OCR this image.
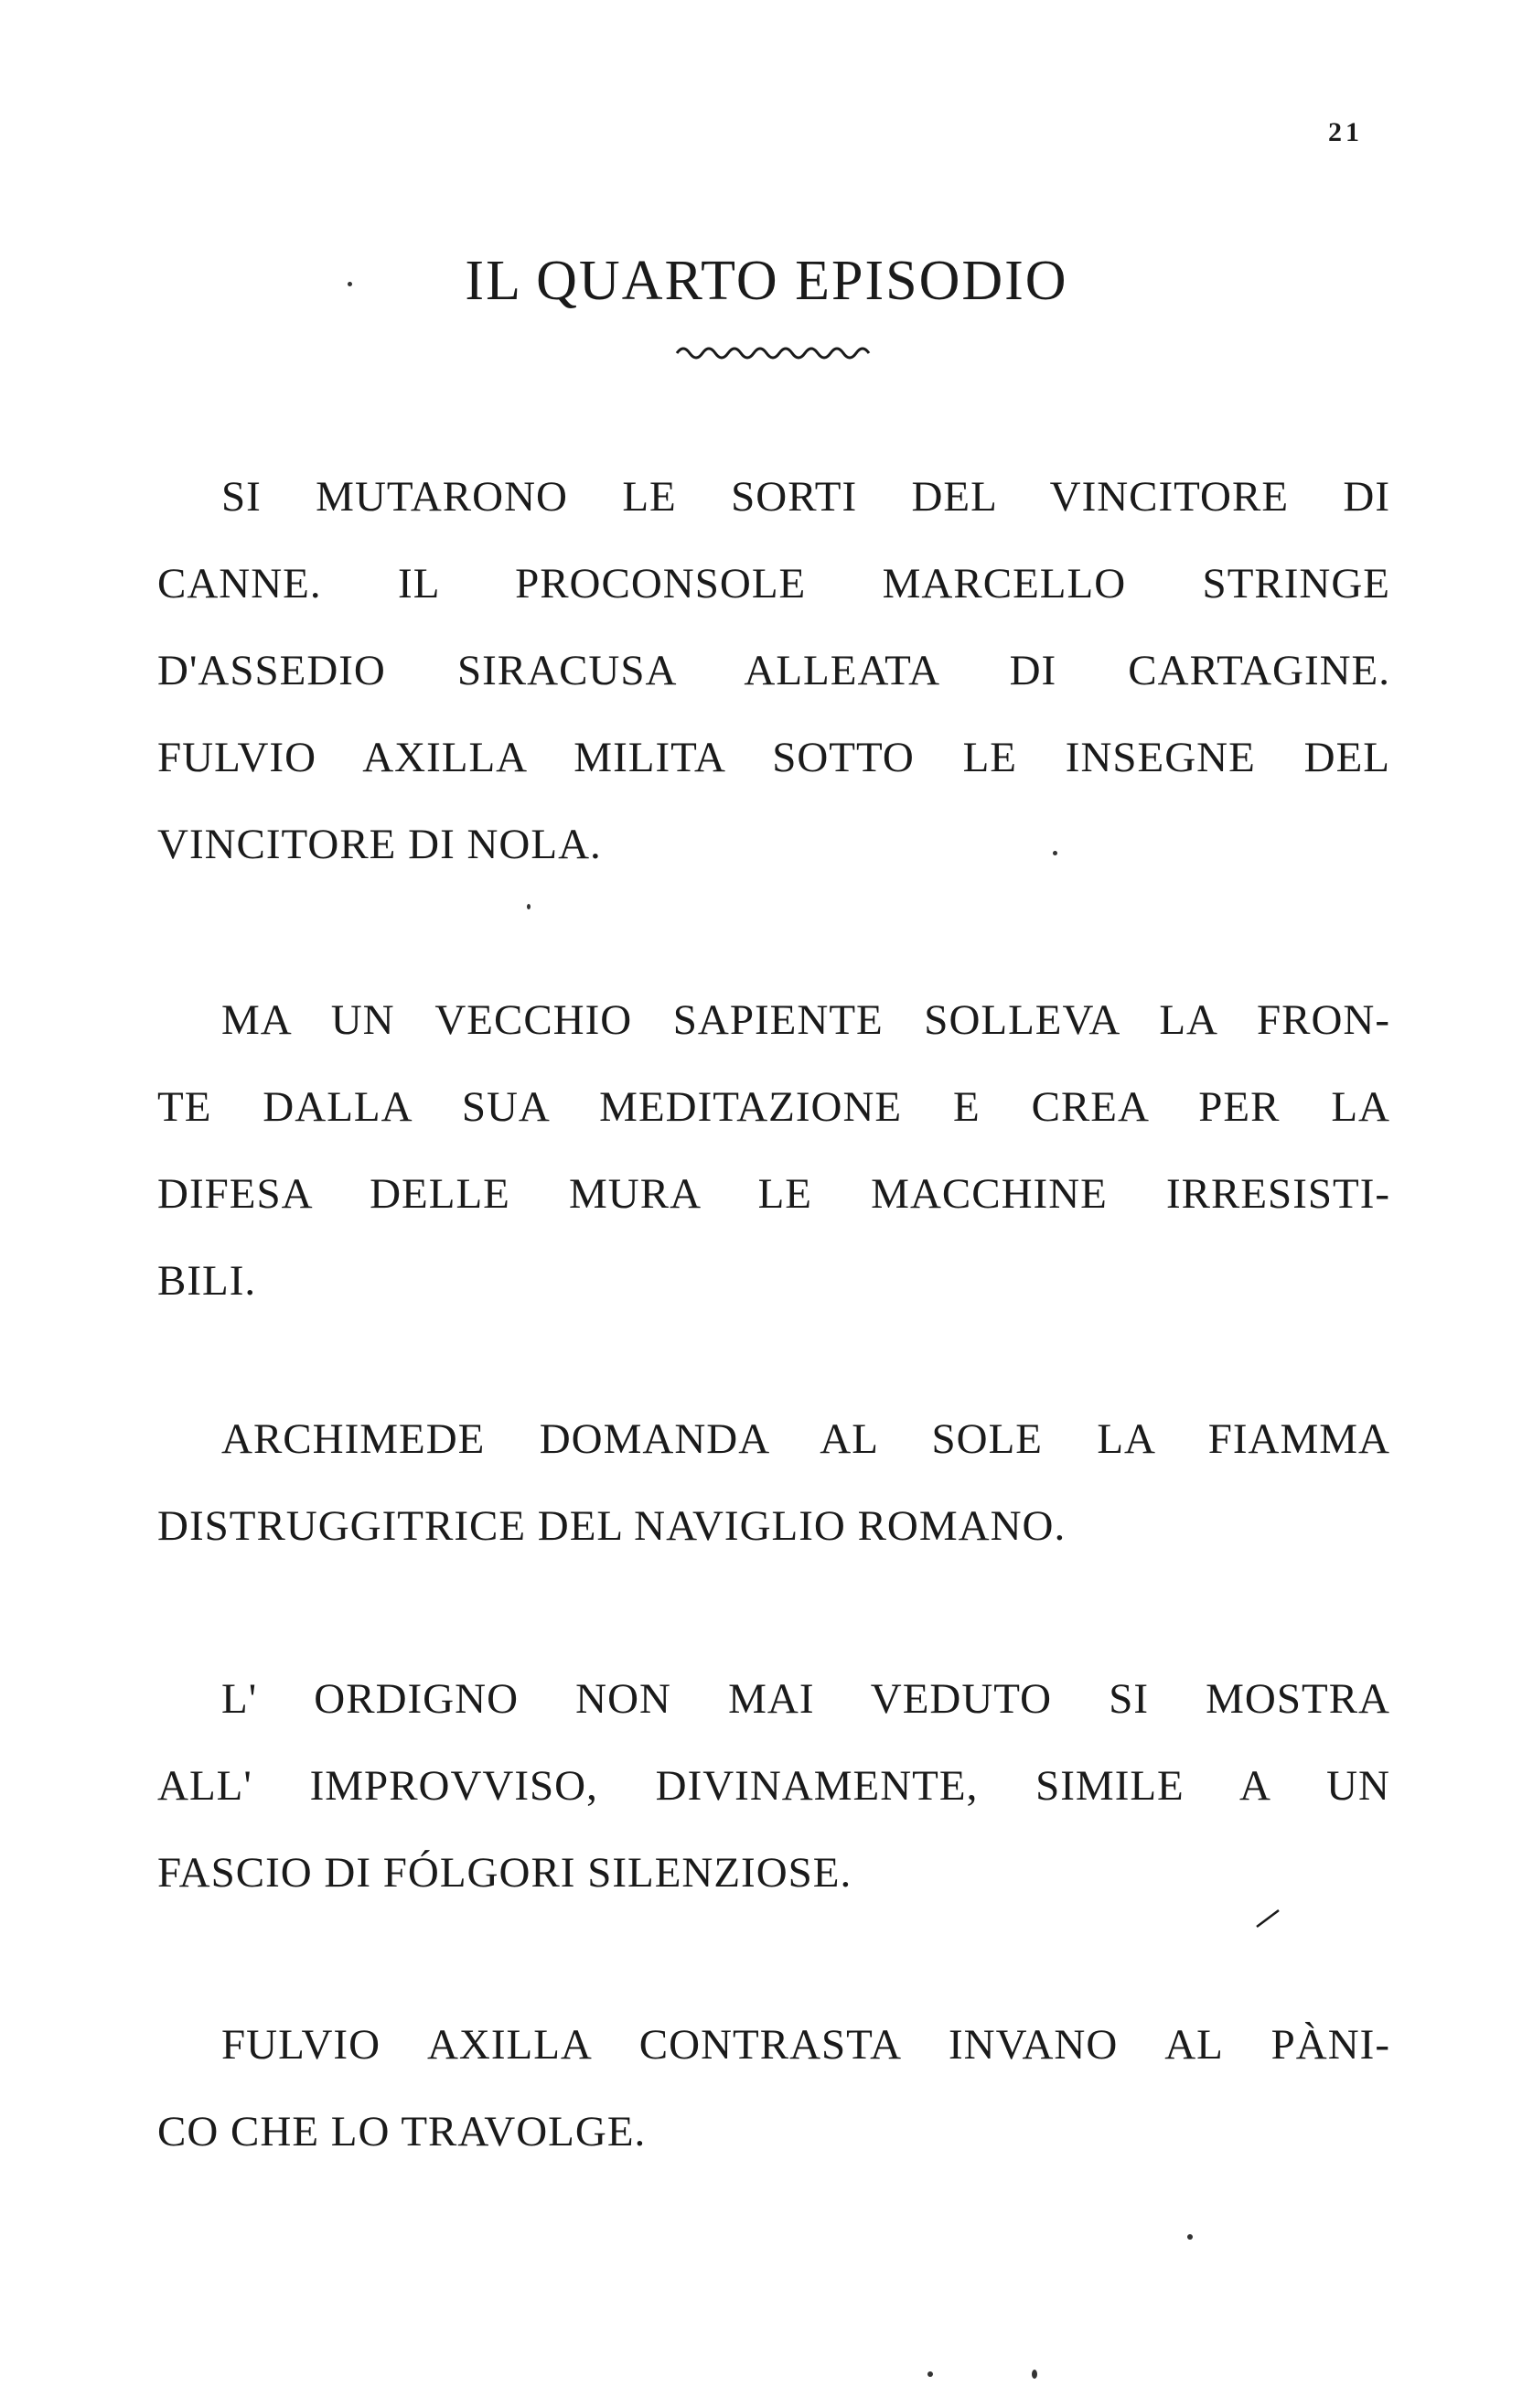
21
IL QUARTO EPISODIO
SI MUTARONO LE SORTI DEL VINCITORE DI
CANNE. IL PROCONSOLE MARCELLO STRINGE
D'ASSEDIO SIRACUSA ALLEATA DI CARTAGINE.
FULVIO AXILLA MILITA SOTTO LE INSEGNE DEL
VINCITORE DI NOLA.
MA UN VECCHIO SAPIENTE SOLLEVA LA FRON-
TE DALLA SUA MEDITAZIONE E CREA PER LA
DIFESA DELLE MURA LE MACCHINE IRRESISTI-
BILI.
ARCHIMEDE DOMANDA AL SOLE LA FIAMMA
DISTRUGGITRICE DEL NAVIGLIO ROMANO.
L' ORDIGNO NON MAI VEDUTO SI MOSTRA
ALL' IMPROVVISO, DIVINAMENTE, SIMILE A UN
FASCIO DI FÓLGORI SILENZIOSE.
FULVIO AXILLA CONTRASTA INVANO AL PÀNI-
CO CHE LO TRAVOLGE.
